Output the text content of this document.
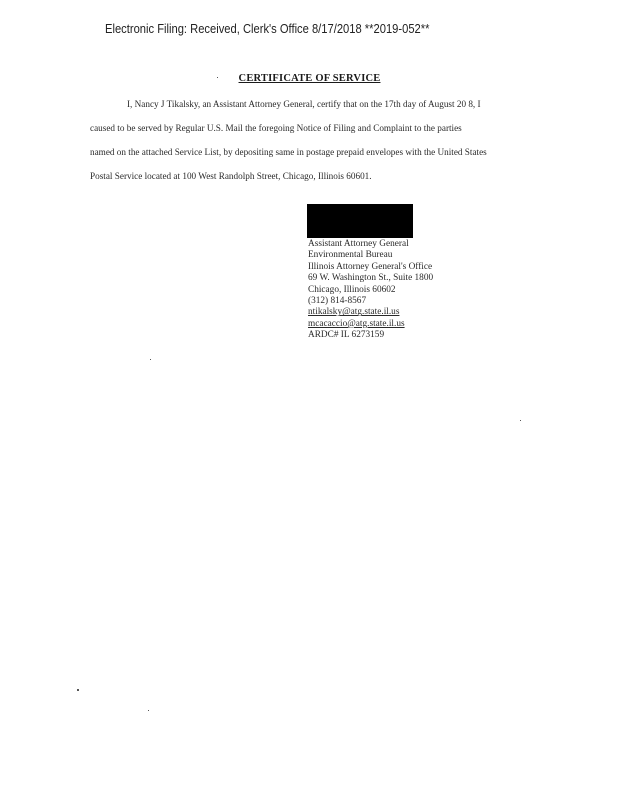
Electronic Filing: Received, Clerk's Office 8/17/2018 **2019-052**
CERTIFICATE OF SERVICE
I, Nancy J Tikalsky, an Assistant Attorney General, certify that on the 17th day of August 20 8, I
caused to be served by Regular U.S. Mail the foregoing Notice of Filing and Complaint to the parties
named on the attached Service List, by depositing same in postage prepaid envelopes with the United States
Postal Service located at 100 West Randolph Street, Chicago, Illinois 60601.
Assistant Attorney General
Environmental Bureau
Illinois Attorney General's Office
69 W. Washington St., Suite 1800
Chicago, Illinois 60602
(312) 814-8567
ntikalsky@atg.state.il.us
mcacaccio@atg.state.il.us
ARDC# IL 6273159
